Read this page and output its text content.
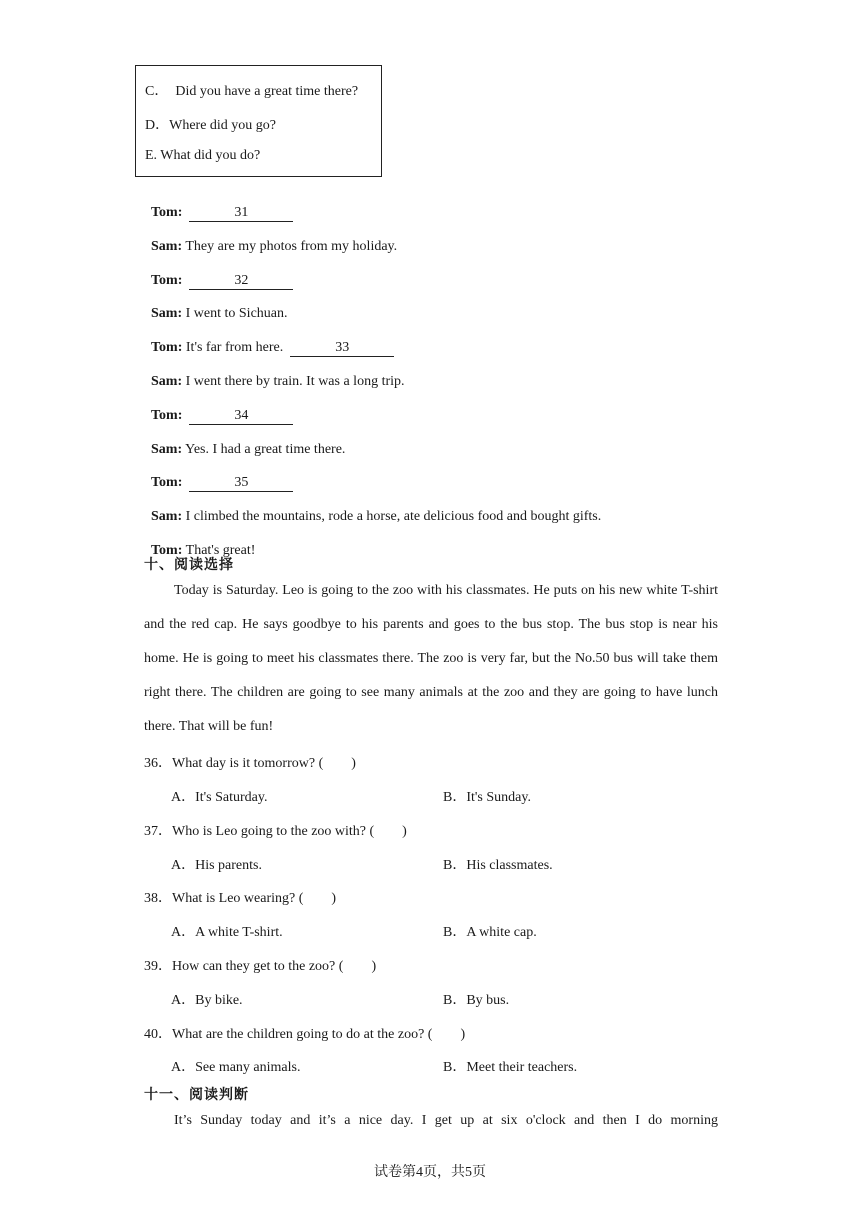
C．  Did you have a great time there?
D．Where did you go?
E. What did you do?

Tom:	31

Sam: They are my photos from my holiday.

Tom:	32

Sam: I went to Sichuan.

Tom: It's far from here.	33

Sam: I went there by train. It was a long trip.

Tom:	34

Sam: Yes. I had a great time there.

Tom:	35

Sam: I climbed the mountains, rode a horse, ate delicious food and bought gifts.

Tom: That's great!

十、阅读选择
Today is Saturday. Leo is going to the zoo with his classmates. He puts on his new white T-shirt and the red cap. He says goodbye to his parents and goes to the bus stop. The bus stop is near his home. He is going to meet his classmates there. The zoo is very far, but the No.50 bus will take them right there. The children are going to see many animals at the zoo and they are going to have lunch there. That will be fun!
36．What day is it tomorrow? (        )
A．It's Saturday.	B．It's Sunday.
37．Who is Leo going to the zoo with? (        )
A．His parents.	B．His classmates.
38．What is Leo wearing? (        )
A．A white T-shirt.	B．A white cap.
39．How can they get to the zoo? (        )
A．By bike.	B．By bus.
40．What are the children going to do at the zoo? (        )
A．See many animals.	B．Meet their teachers.
十一、阅读判断
It’s Sunday today and it’s a nice day. I get up at six o'clock and then I do morning
试卷第4页，共5页
